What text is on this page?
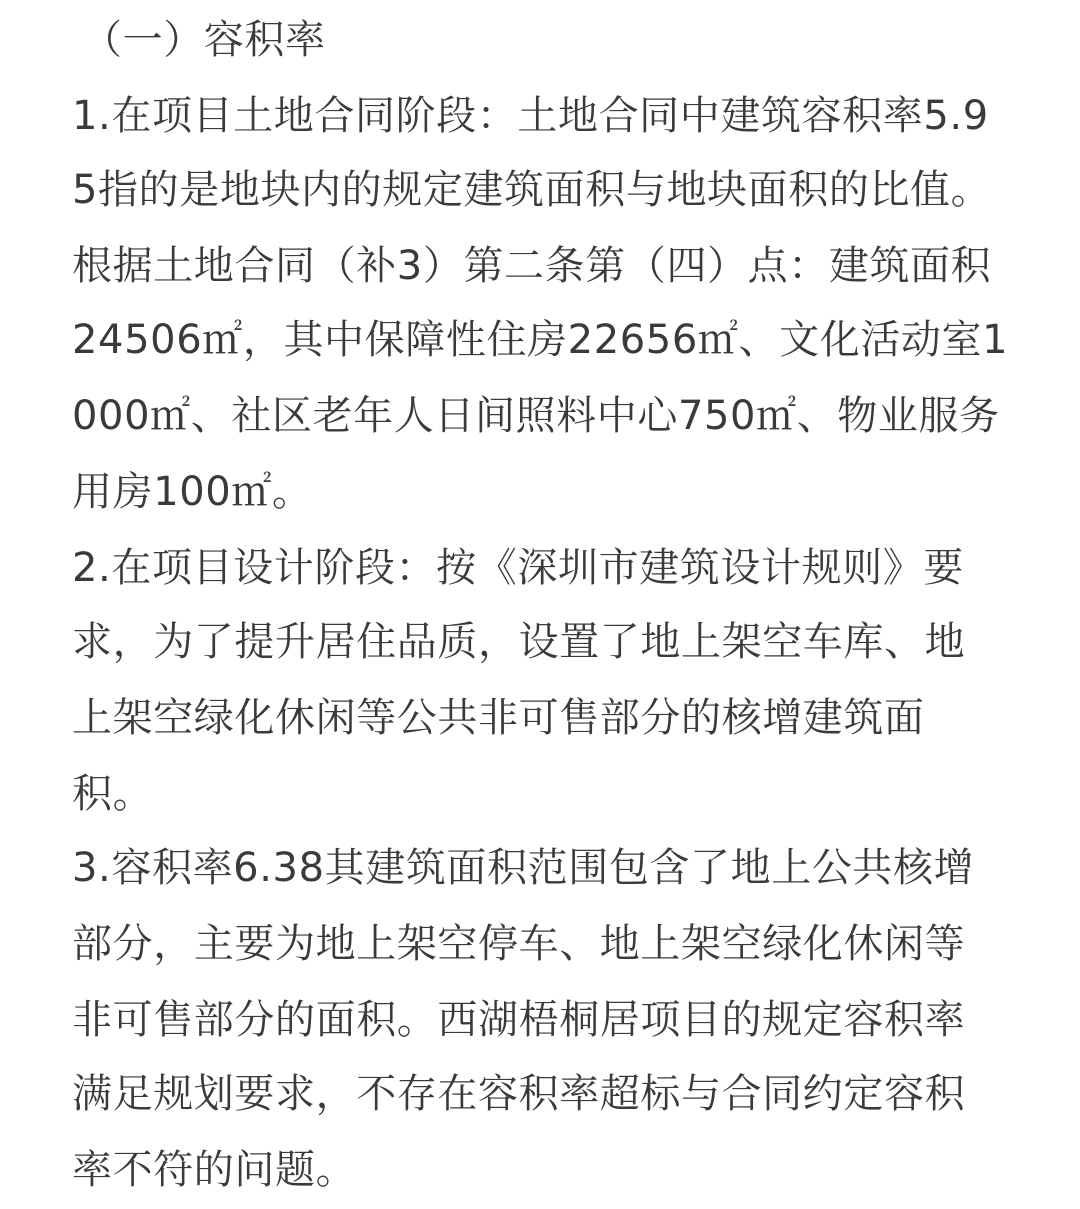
（一）容积率

1.在项目土地合同阶段：土地合同中建筑容积率5.9

5指的是地块内的规定建筑面积与地块面积的比值。

根据土地合同（补3）第二条第（四）点：建筑面积

24506㎡，其中保障性住房22656㎡、文化活动室1

000㎡、社区老年人日间照料中心750㎡、物业服务

用房100㎡。

2.在项目设计阶段：按《深圳市建筑设计规则》要

求，为了提升居住品质，设置了地上架空车库、地

上架空绿化休闲等公共非可售部分的核增建筑面

积。

3.容积率6.38其建筑面积范围包含了地上公共核增

部分，主要为地上架空停车、地上架空绿化休闲等

非可售部分的面积。西湖梧桐居项目的规定容积率

满足规划要求，不存在容积率超标与合同约定容积

率不符的问题。
